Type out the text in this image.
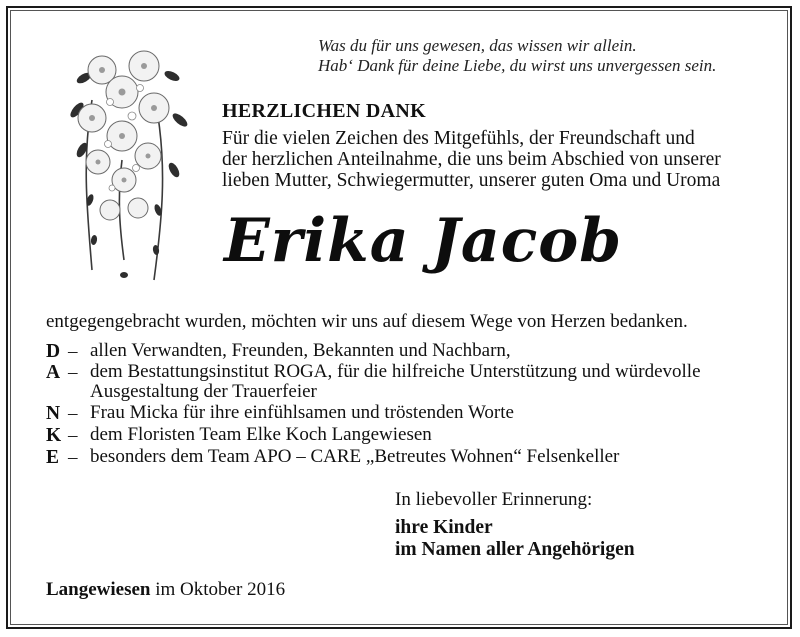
Was du für uns gewesen, das wissen wir allein.
Hab‘ Dank für deine Liebe, du wirst uns unvergessen sein.
HERZLICHEN DANK
Für die vielen Zeichen des Mitgefühls, der Freundschaft und
der herzlichen Anteilnahme, die uns beim Abschied von unserer
lieben Mutter, Schwiegermutter, unserer guten Oma und Uroma
Erika Jacob
entgegengebracht wurden, möchten wir uns auf diesem Wege von Herzen bedanken.
D – allen Verwandten, Freunden, Bekannten und Nachbarn,
A – dem Bestattungsinstitut ROGA, für die hilfreiche Unterstützung und würdevolle
Ausgestaltung der Trauerfeier
N – Frau Micka für ihre einfühlsamen und tröstenden Worte
K – dem Floristen Team Elke Koch Langewiesen
E – besonders dem Team APO – CARE „Betreutes Wohnen“ Felsenkeller
In liebevoller Erinnerung:
ihre Kinder
im Namen aller Angehörigen
Langewiesen im Oktober 2016
